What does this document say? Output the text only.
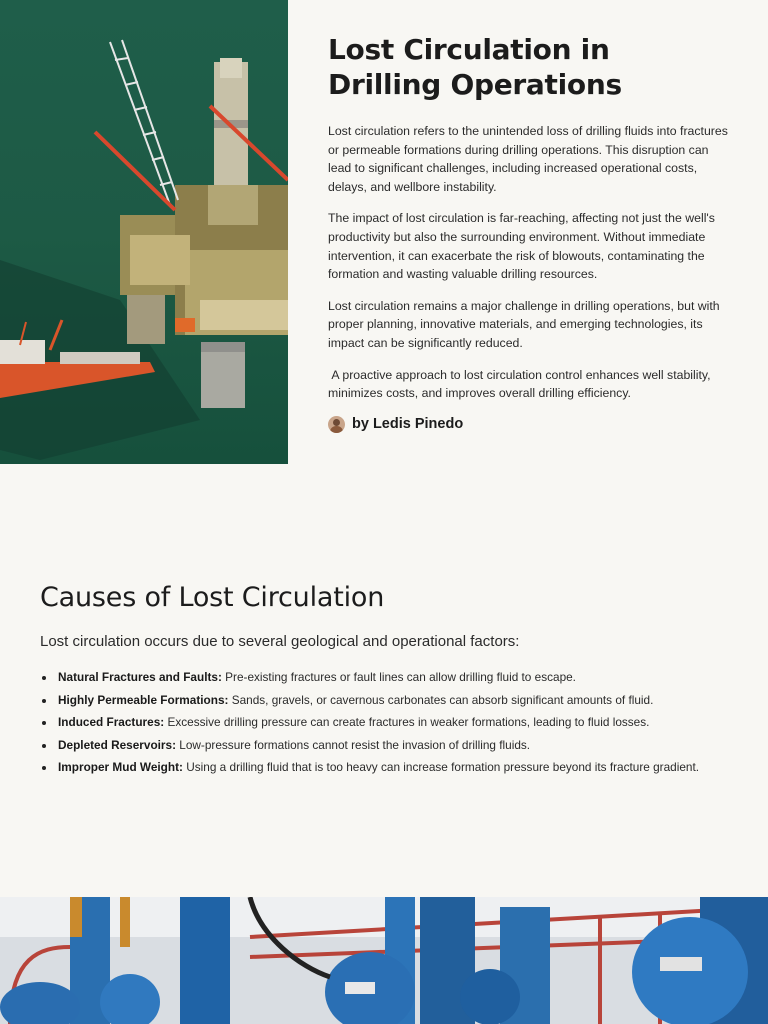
Lost Circulation in Drilling Operations

Lost circulation refers to the unintended loss of drilling fluids into fractures or permeable formations during drilling operations. This disruption can lead to significant challenges, including increased operational costs, delays, and wellbore instability.

The impact of lost circulation is far-reaching, affecting not just the well's productivity but also the surrounding environment. Without immediate intervention, it can exacerbate the risk of blowouts, contaminating the formation and wasting valuable drilling resources.

Lost circulation remains a major challenge in drilling operations, but with proper planning, innovative materials, and emerging technologies, its impact can be significantly reduced.

A proactive approach to lost circulation control enhances well stability, minimizes costs, and improves overall drilling efficiency.

by Ledis Pinedo
Causes of Lost Circulation

Lost circulation occurs due to several geological and operational factors:

Natural Fractures and Faults: Pre-existing fractures or fault lines can allow drilling fluid to escape.
Highly Permeable Formations: Sands, gravels, or cavernous carbonates can absorb significant amounts of fluid.
Induced Fractures: Excessive drilling pressure can create fractures in weaker formations, leading to fluid losses.
Depleted Reservoirs: Low-pressure formations cannot resist the invasion of drilling fluids.
Improper Mud Weight: Using a drilling fluid that is too heavy can increase formation pressure beyond its fracture gradient.
